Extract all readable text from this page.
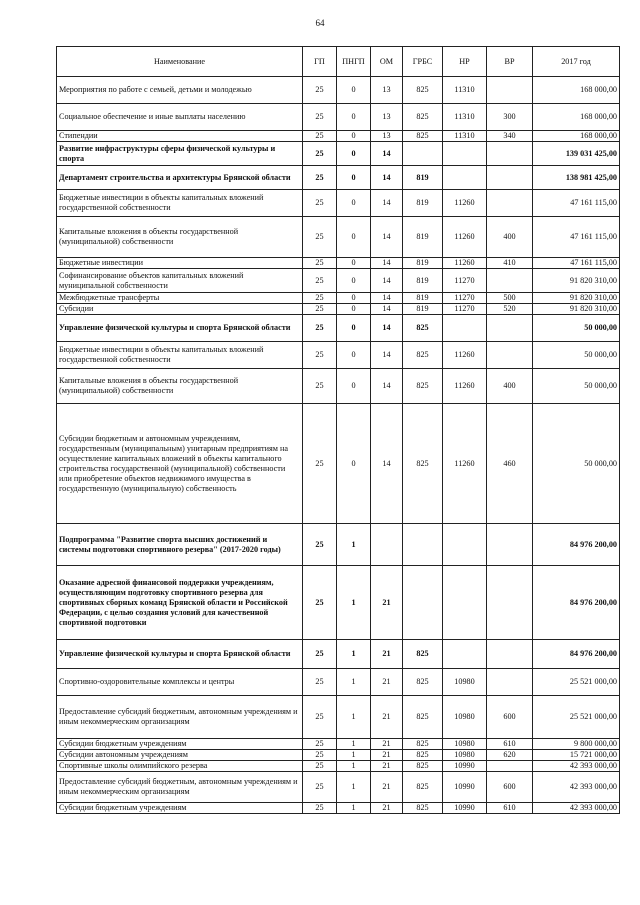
64
Наименование	ГП	ПНГП	ОМ	ГРБС	НР	ВР	2017 год
Мероприятия по работе с семьей, детьми и молодежью	25	0	13	825	11310		168 000,00
Социальное обеспечение и иные выплаты населению	25	0	13	825	11310	300	168 000,00
Стипендии	25	0	13	825	11310	340	168 000,00
Развитие инфраструктуры сферы физической культуры и спорта	25	0	14				139 031 425,00
Департамент строительства и архитектуры Брянской области	25	0	14	819			138 981 425,00
Бюджетные инвестиции в объекты капитальных вложений государственной собственности	25	0	14	819	11260		47 161 115,00
Капитальные вложения в объекты государственной (муниципальной) собственности	25	0	14	819	11260	400	47 161 115,00
Бюджетные инвестиции	25	0	14	819	11260	410	47 161 115,00
Софинансирование объектов капитальных вложений муниципальной собственности	25	0	14	819	11270		91 820 310,00
Межбюджетные трансферты	25	0	14	819	11270	500	91 820 310,00
Субсидии	25	0	14	819	11270	520	91 820 310,00
Управление физической культуры и спорта Брянской области	25	0	14	825			50 000,00
Бюджетные инвестиции в объекты капитальных вложений государственной собственности	25	0	14	825	11260		50 000,00
Капитальные вложения в объекты государственной (муниципальной) собственности	25	0	14	825	11260	400	50 000,00
Субсидии бюджетным и автономным учреждениям, государственным (муниципальным) унитарным предприятиям на осуществление капитальных вложений в объекты капитального строительства государственной (муниципальной) собственности или приобретение объектов недвижимого имущества в государственную (муниципальную) собственность	25	0	14	825	11260	460	50 000,00
Подпрограмма "Развитие спорта высших достижений и системы подготовки спортивного резерва" (2017-2020 годы)	25	1					84 976 200,00
Оказание адресной финансовой поддержки учреждениям, осуществляющим подготовку спортивного резерва для спортивных сборных команд Брянской области и Российской Федерации, с целью создания условий для качественной спортивной подготовки	25	1	21				84 976 200,00
Управление физической культуры и спорта Брянской области	25	1	21	825			84 976 200,00
Спортивно-оздоровительные комплексы и центры	25	1	21	825	10980		25 521 000,00
Предоставление субсидий бюджетным, автономным учреждениям и иным некоммерческим организациям	25	1	21	825	10980	600	25 521 000,00
Субсидии бюджетным учреждениям	25	1	21	825	10980	610	9 800 000,00
Субсидии автономным учреждениям	25	1	21	825	10980	620	15 721 000,00
Спортивные школы олимпийского резерва	25	1	21	825	10990		42 393 000,00
Предоставление субсидий бюджетным, автономным учреждениям и иным некоммерческим организациям	25	1	21	825	10990	600	42 393 000,00
Субсидии бюджетным учреждениям	25	1	21	825	10990	610	42 393 000,00
